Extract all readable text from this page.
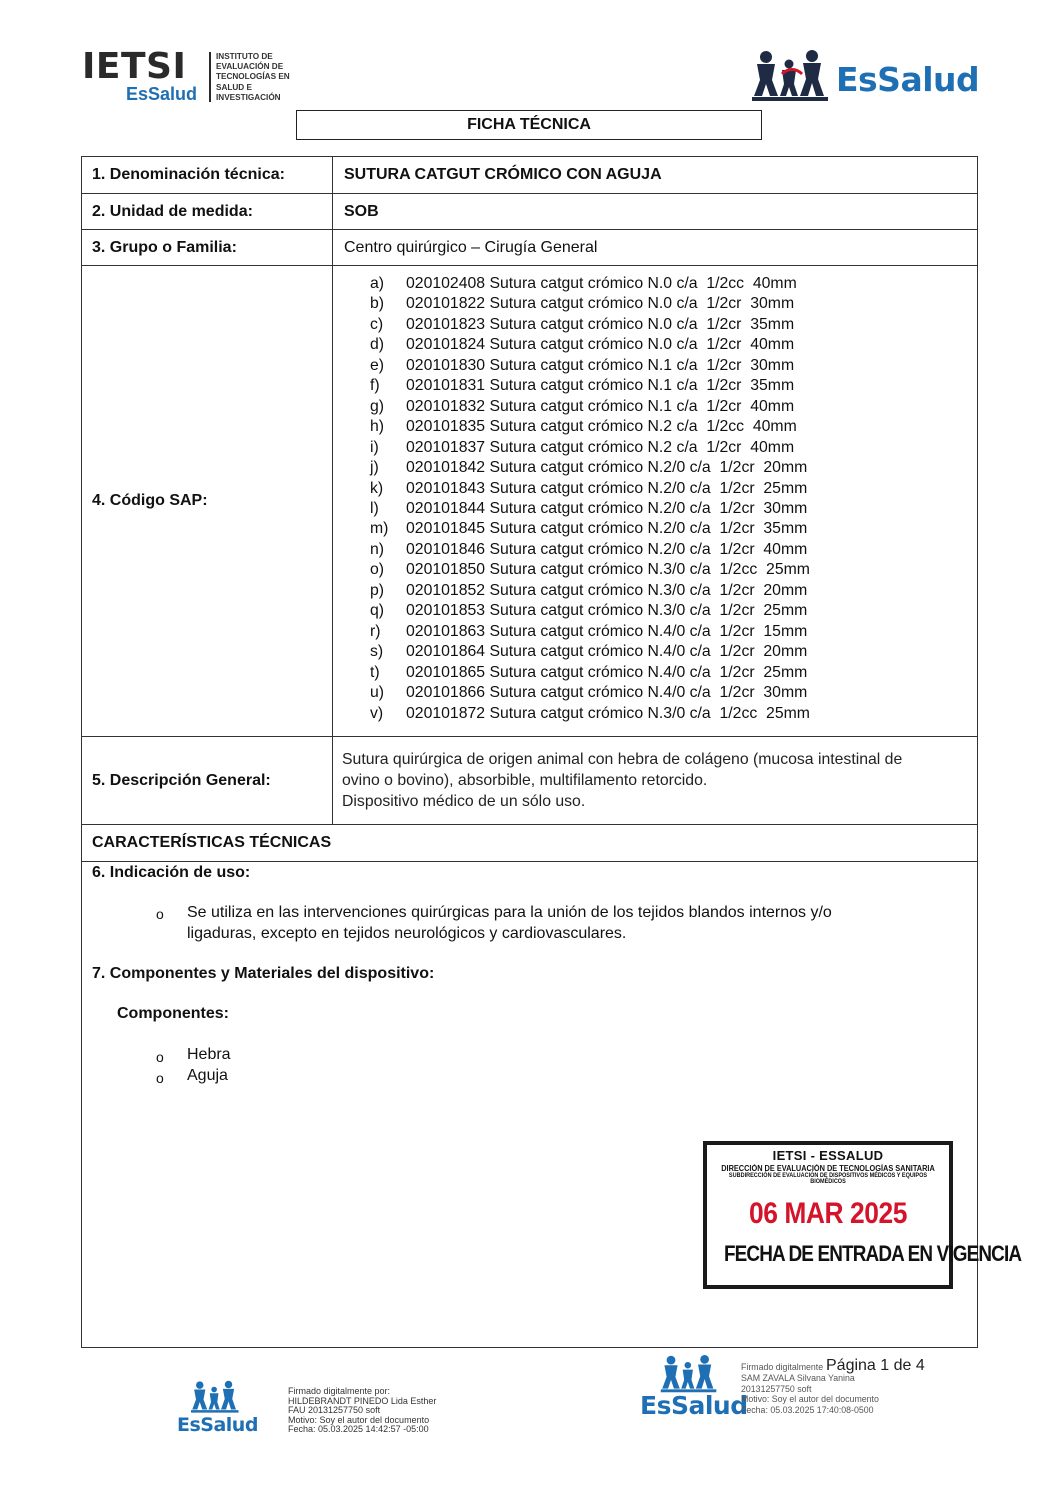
IETSI
EsSalud
INSTITUTO DE
EVALUACIÓN DE
TECNOLOGÍAS EN
SALUD E
INVESTIGACIÓN	EsSalud
FICHA TÉCNICA
1. Denominación técnica:	SUTURA CATGUT CRÓMICO CON AGUJA
2. Unidad de medida:	SOB
3. Grupo o Familia:	Centro quirúrgico – Cirugía General
4. Código SAP:
a) 020102408 Sutura catgut crómico N.0 c/a  1/2cc  40mm
b) 020101822 Sutura catgut crómico N.0 c/a  1/2cr  30mm
c) 020101823 Sutura catgut crómico N.0 c/a  1/2cr  35mm
d) 020101824 Sutura catgut crómico N.0 c/a  1/2cr  40mm
e) 020101830 Sutura catgut crómico N.1 c/a  1/2cr  30mm
f) 020101831 Sutura catgut crómico N.1 c/a  1/2cr  35mm
g) 020101832 Sutura catgut crómico N.1 c/a  1/2cr  40mm
h) 020101835 Sutura catgut crómico N.2 c/a  1/2cc  40mm
i) 020101837 Sutura catgut crómico N.2 c/a  1/2cr  40mm
j) 020101842 Sutura catgut crómico N.2/0 c/a  1/2cr  20mm
k) 020101843 Sutura catgut crómico N.2/0 c/a  1/2cr  25mm
l) 020101844 Sutura catgut crómico N.2/0 c/a  1/2cr  30mm
m) 020101845 Sutura catgut crómico N.2/0 c/a  1/2cr  35mm
n) 020101846 Sutura catgut crómico N.2/0 c/a  1/2cr  40mm
o) 020101850 Sutura catgut crómico N.3/0 c/a  1/2cc  25mm
p) 020101852 Sutura catgut crómico N.3/0 c/a  1/2cr  20mm
q) 020101853 Sutura catgut crómico N.3/0 c/a  1/2cr  25mm
r) 020101863 Sutura catgut crómico N.4/0 c/a  1/2cr  15mm
s) 020101864 Sutura catgut crómico N.4/0 c/a  1/2cr  20mm
t) 020101865 Sutura catgut crómico N.4/0 c/a  1/2cr  25mm
u) 020101866 Sutura catgut crómico N.4/0 c/a  1/2cr  30mm
v) 020101872 Sutura catgut crómico N.3/0 c/a  1/2cc  25mm
5. Descripción General:
Sutura quirúrgica de origen animal con hebra de colágeno (mucosa intestinal de
ovino o bovino), absorbible, multifilamento retorcido.
Dispositivo médico de un sólo uso.
CARACTERÍSTICAS TÉCNICAS
6. Indicación de uso:
o Se utiliza en las intervenciones quirúrgicas para la unión de los tejidos blandos internos y/o
ligaduras, excepto en tejidos neurológicos y cardiovasculares.
7. Componentes y Materiales del dispositivo:
Componentes:
o Hebra
o Aguja
IETSI - ESSALUD
DIRECCIÓN DE EVALUACIÓN DE TECNOLOGÍAS SANITARIA
SUBDIRECCIÓN DE EVALUACIÓN DE DISPOSITIVOS MÉDICOS Y EQUIPOS BIOMÉDICOS
06 MAR 2025
FECHA DE ENTRADA EN VIGENCIA
EsSalud
Firmado digitalmente por:
HILDEBRANDT PINEDO Lida Esther
FAU 20131257750 soft
Motivo: Soy el autor del documento
Fecha: 05.03.2025 14:42:57 -05:00
EsSalud
Firmado digitalmente
SAM ZAVALA Silvana Yanina
20131257750 soft
Motivo: Soy el autor del documento
Fecha: 05.03.2025 17:40:08-0500
Página 1 de 4
